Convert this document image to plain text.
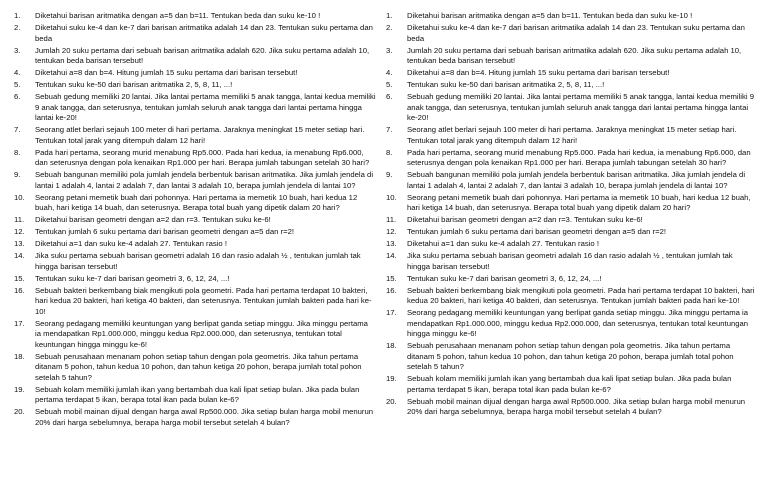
1.	Diketahui barisan aritmatika dengan a=5 dan b=11. Tentukan beda dan suku ke-10 !
2.	Diketahui suku ke-4 dan ke-7 dari barisan aritmatika adalah 14 dan 23. Tentukan suku pertama dan beda
3.	Jumlah 20 suku pertama dari sebuah barisan aritmatika adalah 620. Jika suku pertama adalah 10, tentukan beda barisan tersebut!
4.	Diketahui a=8 dan b=4. Hitung jumlah 15 suku pertama dari barisan tersebut!
5.	Tentukan suku ke-50 dari barisan aritmatika 2, 5, 8, 11, ...!
6.	Sebuah gedung memiliki 20 lantai. Jika lantai pertama memiliki 5 anak tangga, lantai kedua memiliki 9 anak tangga, dan seterusnya, tentukan jumlah seluruh anak tangga dari lantai pertama hingga lantai ke-20!
7.	Seorang atlet berlari sejauh 100 meter di hari pertama. Jaraknya meningkat 15 meter setiap hari. Tentukan total jarak yang ditempuh dalam 12 hari!
8.	Pada hari pertama, seorang murid menabung Rp5.000. Pada hari kedua, ia menabung Rp6.000, dan seterusnya dengan pola kenaikan Rp1.000 per hari. Berapa jumlah tabungan setelah 30 hari?
9.	Sebuah bangunan memiliki pola jumlah jendela berbentuk barisan aritmatika. Jika jumlah jendela di lantai 1 adalah 4, lantai 2 adalah 7, dan lantai 3 adalah 10, berapa jumlah jendela di lantai 10?
10.	Seorang petani memetik buah dari pohonnya. Hari pertama ia memetik 10 buah, hari kedua 12 buah, hari ketiga 14 buah, dan seterusnya. Berapa total buah yang dipetik dalam 20 hari?
11.	Diketahui barisan geometri dengan a=2 dan r=3. Tentukan suku ke-6!
12.	Tentukan jumlah 6 suku pertama dari barisan geometri dengan a=5 dan r=2!
13.	Diketahui a=1 dan suku ke-4 adalah 27. Tentukan rasio !
14.	Jika suku pertama sebuah barisan geometri adalah 16 dan rasio adalah ½ , tentukan jumlah tak hingga barisan tersebut!
15.	Tentukan suku ke-7 dari barisan geometri 3, 6, 12, 24, ...!
16.	Sebuah bakteri berkembang biak mengikuti pola geometri. Pada hari pertama terdapat 10 bakteri, hari kedua 20 bakteri, hari ketiga 40 bakteri, dan seterusnya. Tentukan jumlah bakteri pada hari ke-10!
17.	Seorang pedagang memiliki keuntungan yang berlipat ganda setiap minggu. Jika minggu pertama ia mendapatkan Rp1.000.000, minggu kedua Rp2.000.000, dan seterusnya, tentukan total keuntungan hingga minggu ke-6!
18.	Sebuah perusahaan menanam pohon setiap tahun dengan pola geometris. Jika tahun pertama ditanam 5 pohon, tahun kedua 10 pohon, dan tahun ketiga 20 pohon, berapa jumlah total pohon setelah 5 tahun?
19.	Sebuah kolam memiliki jumlah ikan yang bertambah dua kali lipat setiap bulan. Jika pada bulan pertama terdapat 5 ikan, berapa total ikan pada bulan ke-6?
20.	Sebuah mobil mainan dijual dengan harga awal Rp500.000. Jika setiap bulan harga mobil menurun 20% dari harga sebelumnya, berapa harga mobil tersebut setelah 4 bulan?
1.	Diketahui barisan aritmatika dengan a=5 dan b=11. Tentukan beda dan suku ke-10 !
2.	Diketahui suku ke-4 dan ke-7 dari barisan aritmatika adalah 14 dan 23. Tentukan suku pertama dan beda
3.	Jumlah 20 suku pertama dari sebuah barisan aritmatika adalah 620. Jika suku pertama adalah 10, tentukan beda barisan tersebut!
4.	Diketahui a=8 dan b=4. Hitung jumlah 15 suku pertama dari barisan tersebut!
5.	Tentukan suku ke-50 dari barisan aritmatika 2, 5, 8, 11, ...!
6.	Sebuah gedung memiliki 20 lantai. Jika lantai pertama memiliki 5 anak tangga, lantai kedua memiliki 9 anak tangga, dan seterusnya, tentukan jumlah seluruh anak tangga dari lantai pertama hingga lantai ke-20!
7.	Seorang atlet berlari sejauh 100 meter di hari pertama. Jaraknya meningkat 15 meter setiap hari. Tentukan total jarak yang ditempuh dalam 12 hari!
8.	Pada hari pertama, seorang murid menabung Rp5.000. Pada hari kedua, ia menabung Rp6.000, dan seterusnya dengan pola kenaikan Rp1.000 per hari. Berapa jumlah tabungan setelah 30 hari?
9.	Sebuah bangunan memiliki pola jumlah jendela berbentuk barisan aritmatika. Jika jumlah jendela di lantai 1 adalah 4, lantai 2 adalah 7, dan lantai 3 adalah 10, berapa jumlah jendela di lantai 10?
10.	Seorang petani memetik buah dari pohonnya. Hari pertama ia memetik 10 buah, hari kedua 12 buah, hari ketiga 14 buah, dan seterusnya. Berapa total buah yang dipetik dalam 20 hari?
11.	Diketahui barisan geometri dengan a=2 dan r=3. Tentukan suku ke-6!
12.	Tentukan jumlah 6 suku pertama dari barisan geometri dengan a=5 dan r=2!
13.	Diketahui a=1 dan suku ke-4 adalah 27. Tentukan rasio !
14.	Jika suku pertama sebuah barisan geometri adalah 16 dan rasio adalah ½ , tentukan jumlah tak hingga barisan tersebut!
15.	Tentukan suku ke-7 dari barisan geometri 3, 6, 12, 24, ...!
16.	Sebuah bakteri berkembang biak mengikuti pola geometri. Pada hari pertama terdapat 10 bakteri, hari kedua 20 bakteri, hari ketiga 40 bakteri, dan seterusnya. Tentukan jumlah bakteri pada hari ke-10!
17.	Seorang pedagang memiliki keuntungan yang berlipat ganda setiap minggu. Jika minggu pertama ia mendapatkan Rp1.000.000, minggu kedua Rp2.000.000, dan seterusnya, tentukan total keuntungan hingga minggu ke-6!
18.	Sebuah perusahaan menanam pohon setiap tahun dengan pola geometris. Jika tahun pertama ditanam 5 pohon, tahun kedua 10 pohon, dan tahun ketiga 20 pohon, berapa jumlah total pohon setelah 5 tahun?
19.	Sebuah kolam memiliki jumlah ikan yang bertambah dua kali lipat setiap bulan. Jika pada bulan pertama terdapat 5 ikan, berapa total ikan pada bulan ke-6?
20.	Sebuah mobil mainan dijual dengan harga awal Rp500.000. Jika setiap bulan harga mobil menurun 20% dari harga sebelumnya, berapa harga mobil tersebut setelah 4 bulan?
